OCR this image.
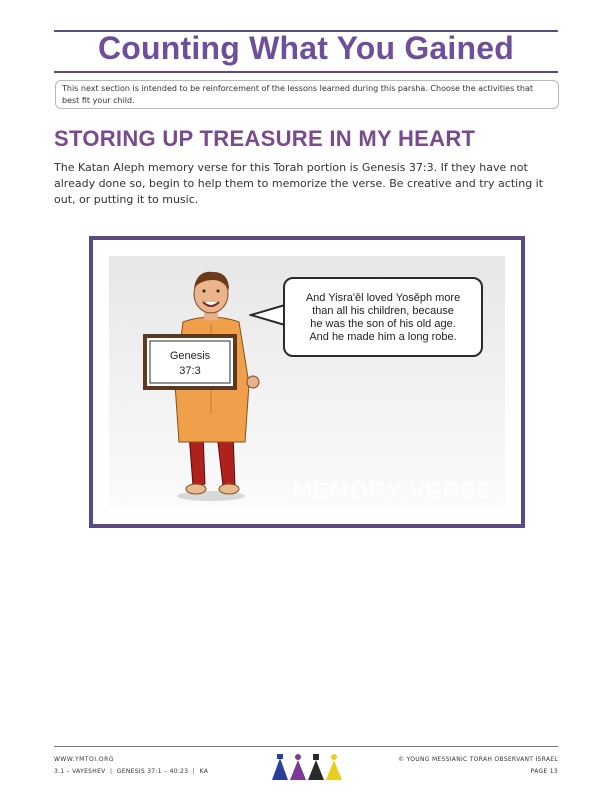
Counting What You Gained
This next section is intended to be reinforcement of the lessons learned during this parsha. Choose the activities that best fit your child.
STORING UP TREASURE IN MY HEART
The Katan Aleph memory verse for this Torah portion is Genesis 37:3. If they have not already done so, begin to help them to memorize the verse. Be creative and try acting it out, or putting it to music.
Genesis
37:3
And Yisra'ěl loved Yosěph more
than all his children, because
he was the son of his old age.
And he made him a long robe.
MEMORY VERSE
WWW.YMTOI.ORG
3.1 – VAYESHEV  |  GENESIS 37:1 – 40:23  |  KA
© YOUNG MESSIANIC TORAH OBSERVANT ISRAEL
PAGE 13
